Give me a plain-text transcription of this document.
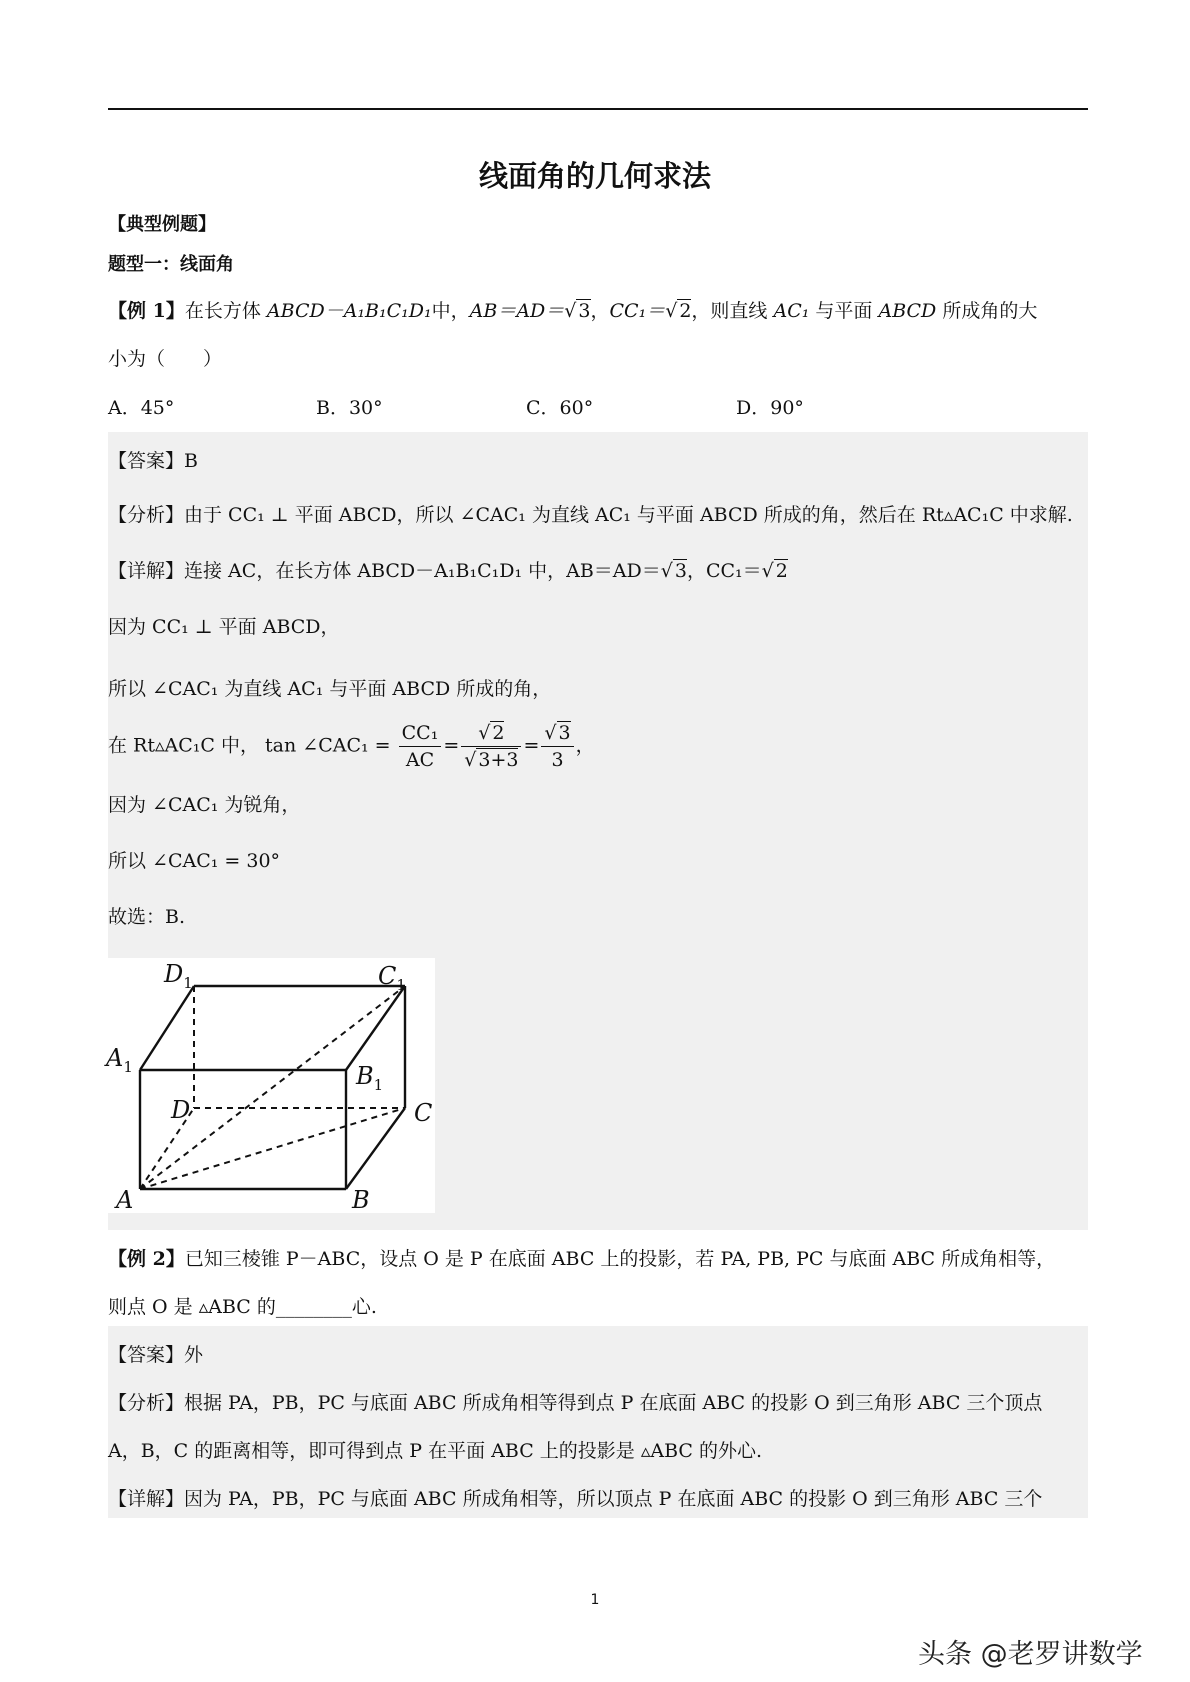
线面角的几何求法
【典型例题】
题型一：线面角
【例 1】在长方体 ABCD－A₁B₁C₁D₁中，AB＝AD＝√ 3，CC₁＝√ 2，则直线 AC₁ 与平面 ABCD 所成角的大
小为（　　）
A．45°	B．30°	C．60°	D．90°
【答案】B
【分析】由于 CC₁ ⊥ 平面 ABCD，所以 ∠CAC₁ 为直线 AC₁ 与平面 ABCD 所成的角，然后在 Rt▵AC₁C 中求解.
【详解】连接 AC，在长方体 ABCD－A₁B₁C₁D₁ 中，AB＝AD＝√ 3，CC₁＝√ 2
因为 CC₁ ⊥ 平面 ABCD，
所以 ∠CAC₁ 为直线 AC₁ 与平面 ABCD 所成的角，
在 Rt▵AC₁C 中， tan ∠CAC₁ = $\frac{\text{CC₁}}{AC} = \frac{√ 2}{√ 3+3} = \frac{√ 3}{3}$ ，
因为 ∠CAC₁ 为锐角，
所以 ∠CAC₁ = 30°
故选：B.
$D_1$	$C_1$
$A_1$	$B_1$
D	C
A	B
【例 2】已知三棱锥 P－ABC，设点 O 是 P 在底面 ABC 上的投影，若 PA, PB, PC 与底面 ABC 所成角相等，
则点 O 是 ▵ABC 的________心.
【答案】外
【分析】根据 PA，PB，PC 与底面 ABC 所成角相等得到点 P 在底面 ABC 的投影 O 到三角形 ABC 三个顶点
A，B，C 的距离相等，即可得到点 P 在平面 ABC 上的投影是 ▵ABC 的外心.
【详解】因为 PA，PB，PC 与底面 ABC 所成角相等，所以顶点 P 在底面 ABC 的投影 O 到三角形 ABC 三个
1
头条 @老罗讲数学
